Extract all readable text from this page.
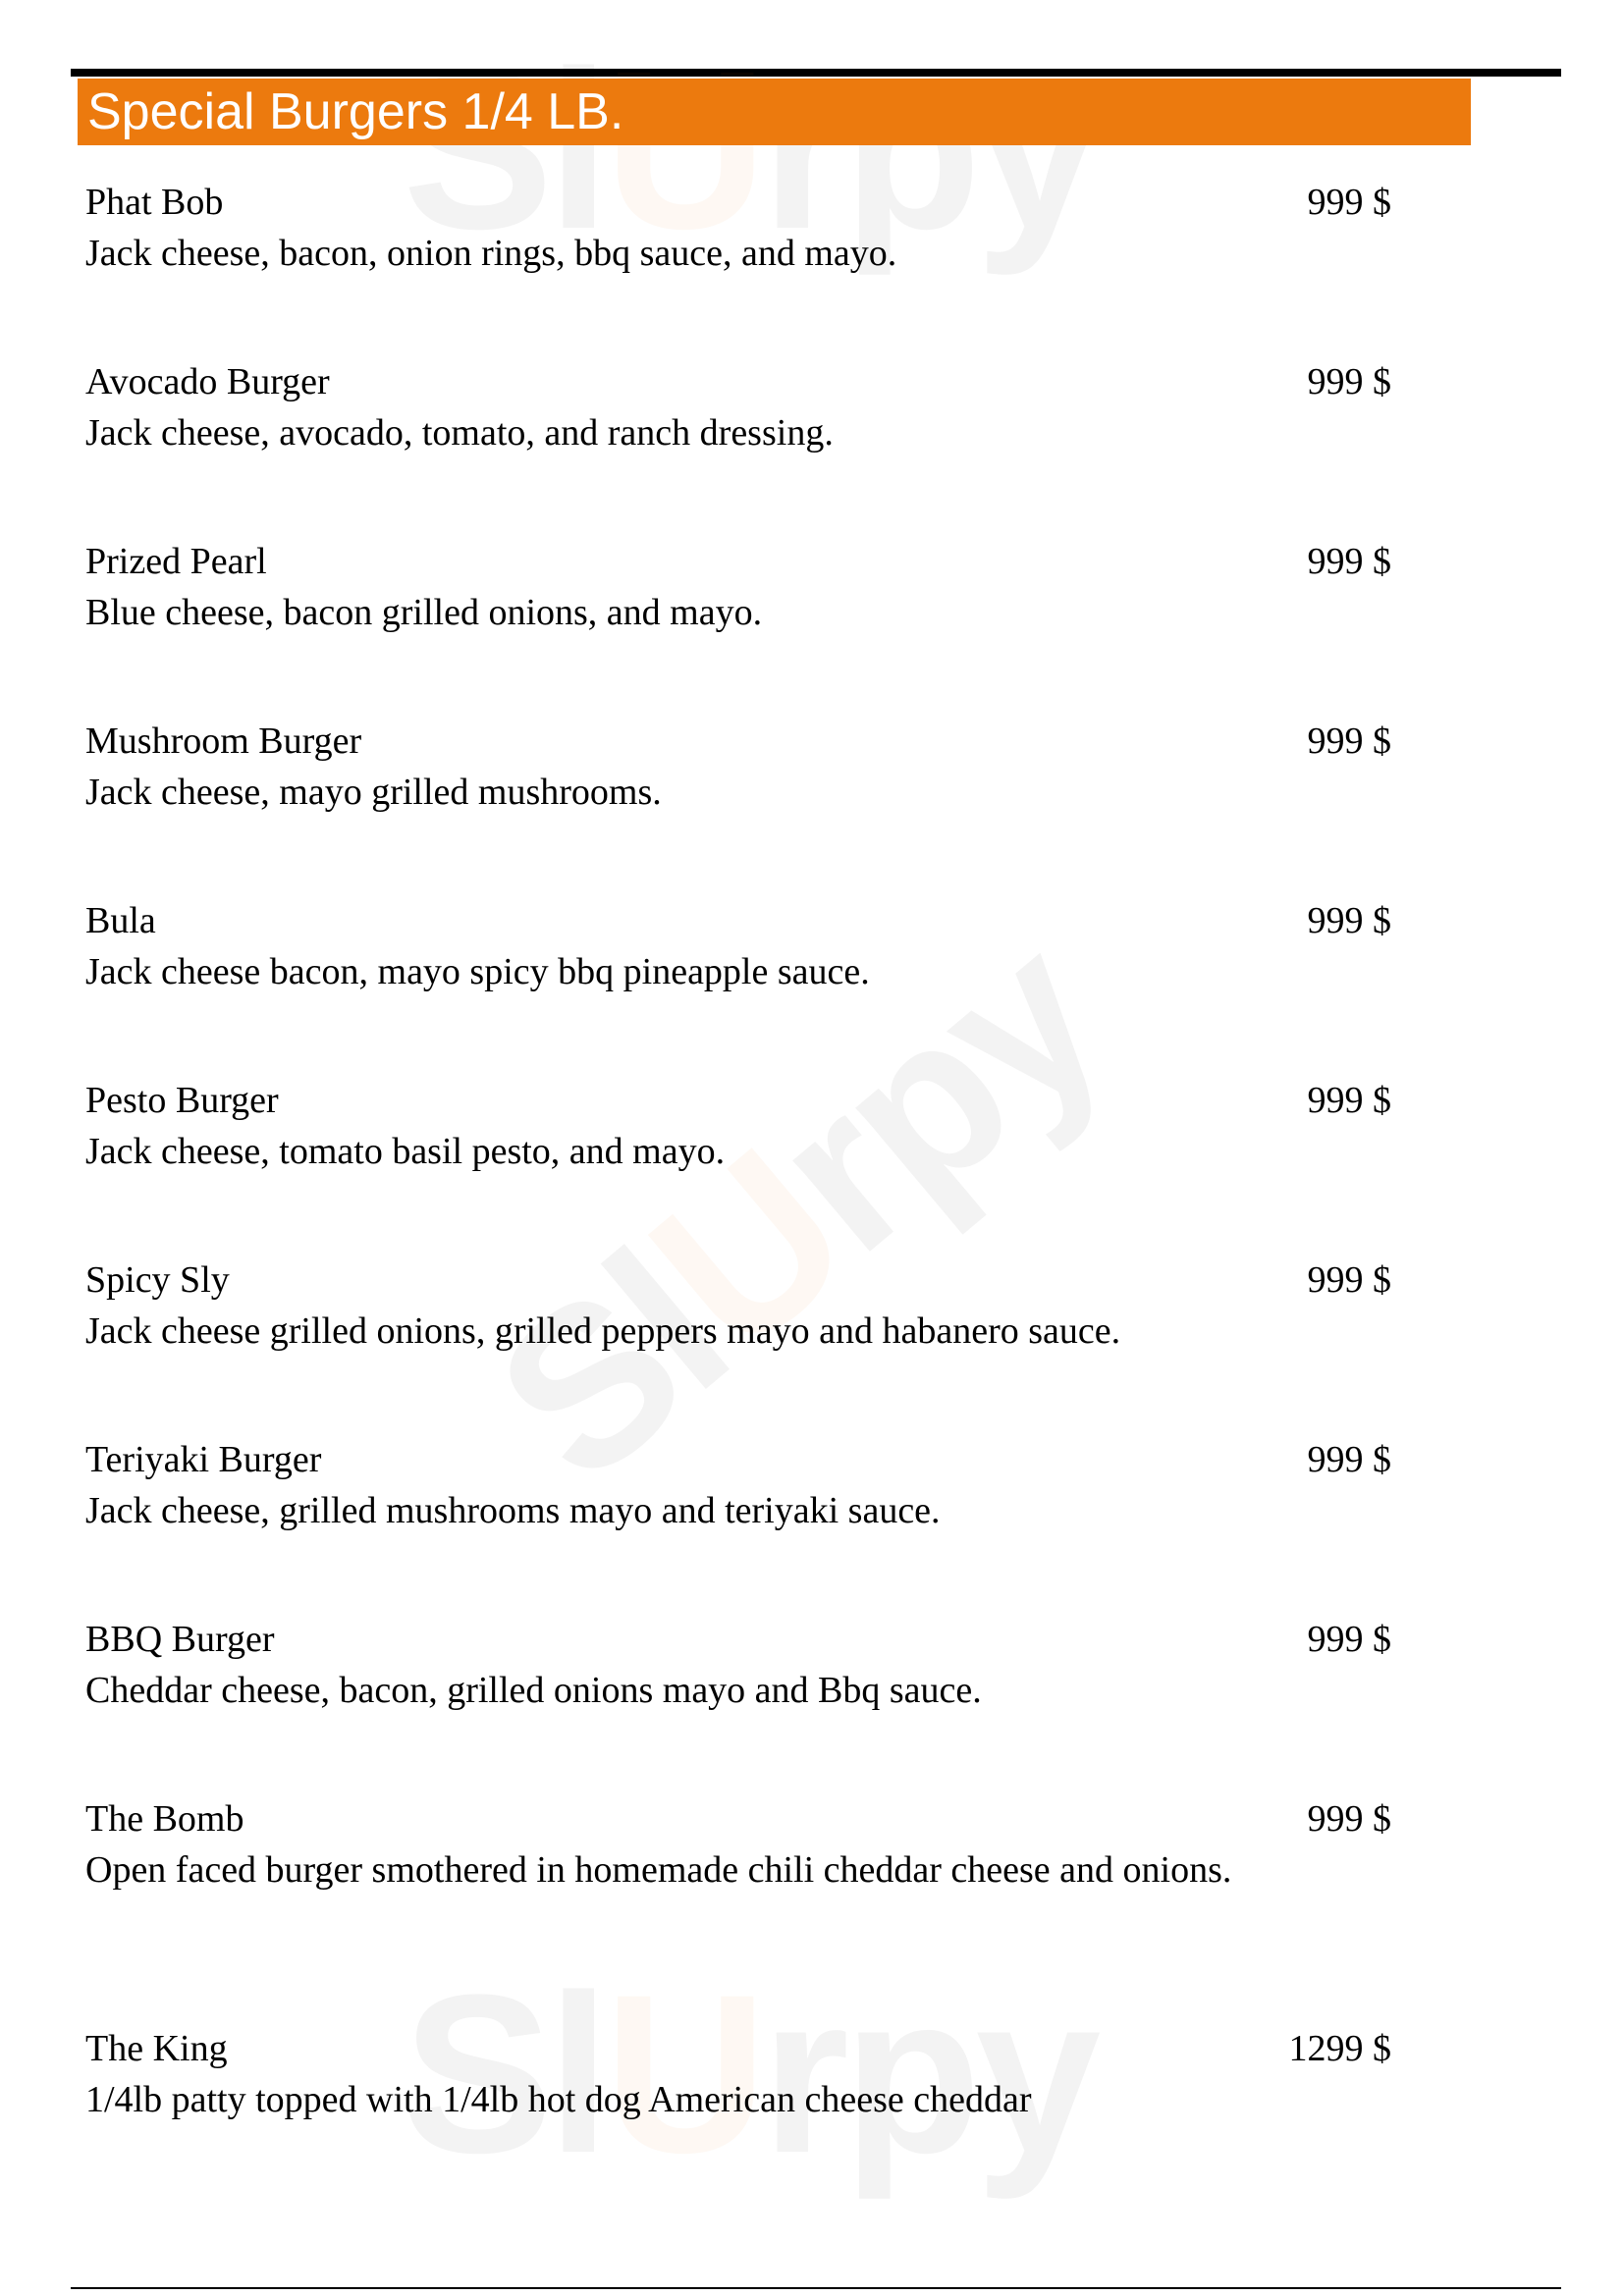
Special Burgers 1/4 LB.
Phat Bob	999 $
Jack cheese, bacon, onion rings, bbq sauce, and mayo.
Avocado Burger	999 $
Jack cheese, avocado, tomato, and ranch dressing.
Prized Pearl	999 $
Blue cheese, bacon grilled onions, and mayo.
Mushroom Burger	999 $
Jack cheese, mayo grilled mushrooms.
Bula	999 $
Jack cheese bacon, mayo spicy bbq pineapple sauce.
Pesto Burger	999 $
Jack cheese, tomato basil pesto, and mayo.
Spicy Sly	999 $
Jack cheese grilled onions, grilled peppers mayo and habanero sauce.
Teriyaki Burger	999 $
Jack cheese, grilled mushrooms mayo and teriyaki sauce.
BBQ Burger	999 $
Cheddar cheese, bacon, grilled onions mayo and Bbq sauce.
The Bomb	999 $
Open faced burger smothered in homemade chili cheddar cheese and onions.
The King	1299 $
1/4lb patty topped with 1/4lb hot dog American cheese cheddar
